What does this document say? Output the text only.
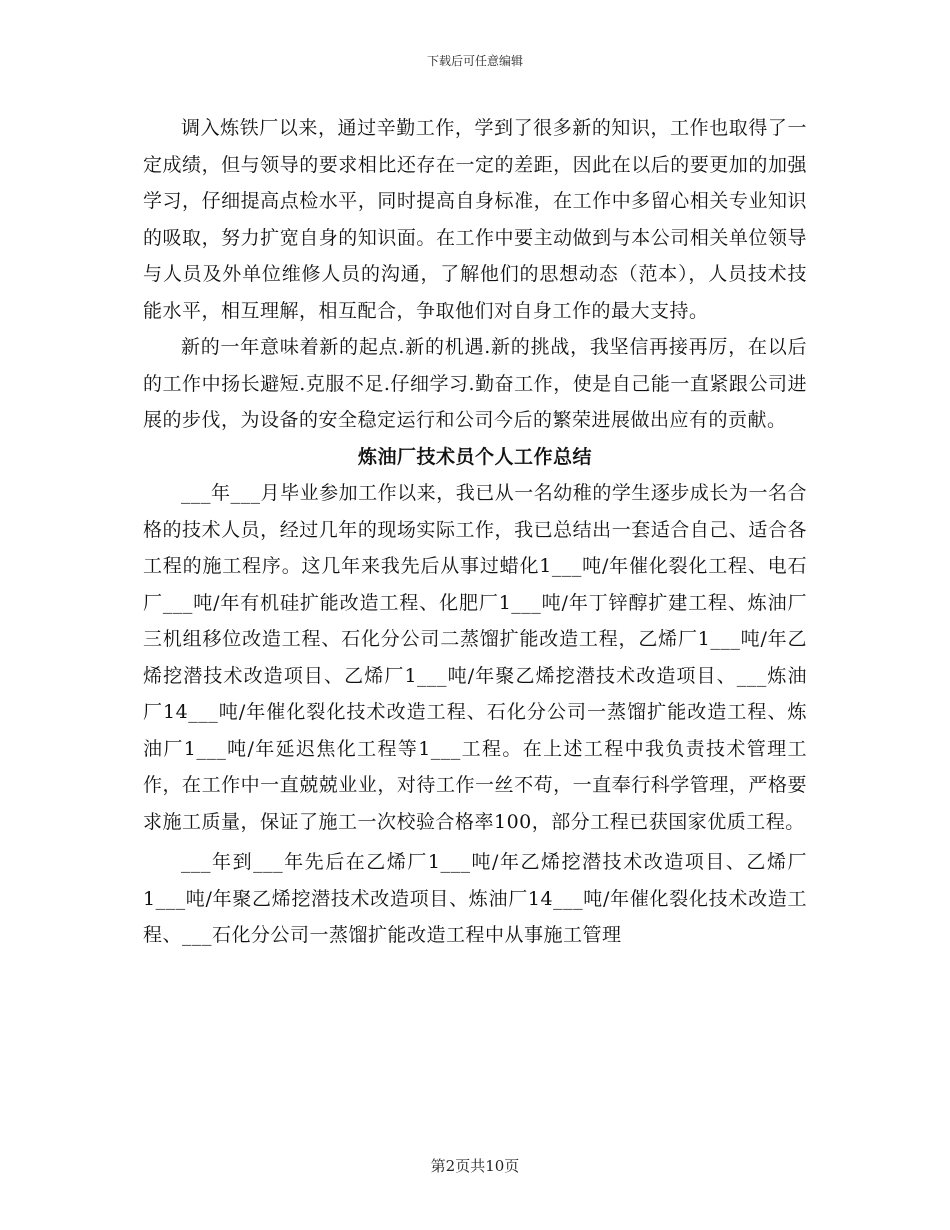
下载后可任意编辑

调入炼铁厂以来，通过辛勤工作，学到了很多新的知识，工作也取得了一定成绩，但与领导的要求相比还存在一定的差距，因此在以后的要更加的加强学习，仔细提高点检水平，同时提高自身标准，在工作中多留心相关专业知识的吸取，努力扩宽自身的知识面。在工作中要主动做到与本公司相关单位领导与人员及外单位维修人员的沟通，了解他们的思想动态（范本），人员技术技能水平，相互理解，相互配合，争取他们对自身工作的最大支持。

新的一年意味着新的起点.新的机遇.新的挑战，我坚信再接再厉，在以后的工作中扬长避短.克服不足.仔细学习.勤奋工作，使是自己能一直紧跟公司进展的步伐，为设备的安全稳定运行和公司今后的繁荣进展做出应有的贡献。

炼油厂技术员个人工作总结

___年___月毕业参加工作以来，我已从一名幼稚的学生逐步成长为一名合格的技术人员，经过几年的现场实际工作，我已总结出一套适合自己、适合各工程的施工程序。这几年来我先后从事过蜡化1___吨/年催化裂化工程、电石厂___吨/年有机硅扩能改造工程、化肥厂1___吨/年丁锌醇扩建工程、炼油厂三机组移位改造工程、石化分公司二蒸馏扩能改造工程，乙烯厂1___吨/年乙烯挖潜技术改造项目、乙烯厂1___吨/年聚乙烯挖潜技术改造项目、___炼油厂14___吨/年催化裂化技术改造工程、石化分公司一蒸馏扩能改造工程、炼油厂1___吨/年延迟焦化工程等1___工程。在上述工程中我负责技术管理工作，在工作中一直兢兢业业，对待工作一丝不苟，一直奉行科学管理，严格要求施工质量，保证了施工一次校验合格率100，部分工程已获国家优质工程。

___年到___年先后在乙烯厂1___吨/年乙烯挖潜技术改造项目、乙烯厂1___吨/年聚乙烯挖潜技术改造项目、炼油厂14___吨/年催化裂化技术改造工程、___石化分公司一蒸馏扩能改造工程中从事施工管理

第2页共10页
